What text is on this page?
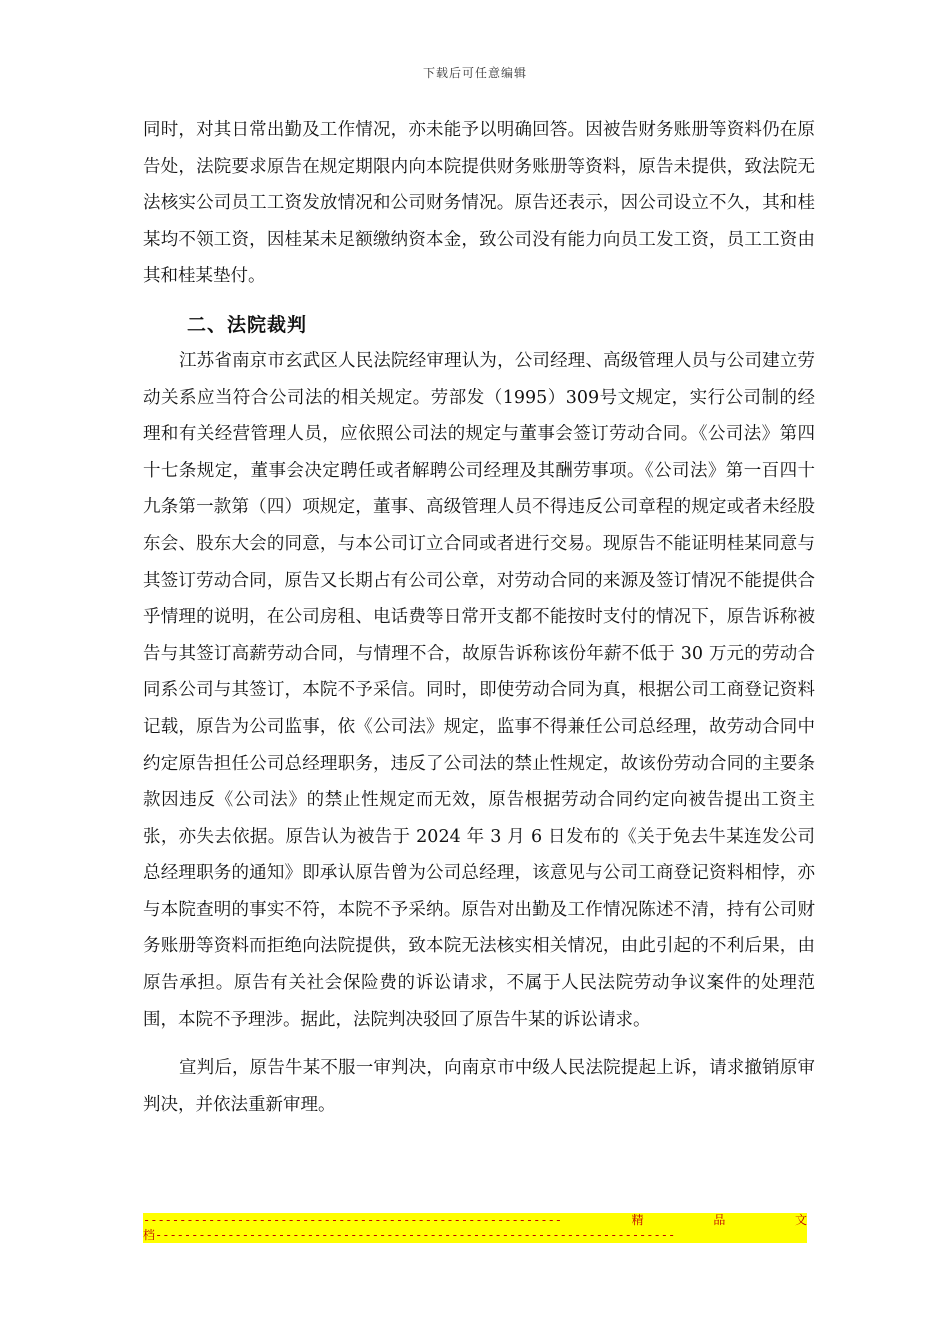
下载后可任意编辑

同时，对其日常出勤及工作情况，亦未能予以明确回答。因被告财务账册等资料仍在原告处，法院要求原告在规定期限内向本院提供财务账册等资料，原告未提供，致法院无法核实公司员工工资发放情况和公司财务情况。原告还表示，因公司设立不久，其和桂某均不领工资，因桂某未足额缴纳资本金，致公司没有能力向员工发工资，员工工资由其和桂某垫付。

二、法院裁判

江苏省南京市玄武区人民法院经审理认为，公司经理、高级管理人员与公司建立劳动关系应当符合公司法的相关规定。劳部发（1995）309号文规定，实行公司制的经理和有关经营管理人员，应依照公司法的规定与董事会签订劳动合同。《公司法》第四十七条规定，董事会决定聘任或者解聘公司经理及其酬劳事项。《公司法》第一百四十九条第一款第（四）项规定，董事、高级管理人员不得违反公司章程的规定或者未经股东会、股东大会的同意，与本公司订立合同或者进行交易。现原告不能证明桂某同意与其签订劳动合同，原告又长期占有公司公章，对劳动合同的来源及签订情况不能提供合乎情理的说明，在公司房租、电话费等日常开支都不能按时支付的情况下，原告诉称被告与其签订高薪劳动合同，与情理不合，故原告诉称该份年薪不低于 30 万元的劳动合同系公司与其签订，本院不予采信。同时，即使劳动合同为真，根据公司工商登记资料记载，原告为公司监事，依《公司法》规定，监事不得兼任公司总经理，故劳动合同中约定原告担任公司总经理职务，违反了公司法的禁止性规定，故该份劳动合同的主要条款因违反《公司法》的禁止性规定而无效，原告根据劳动合同约定向被告提出工资主张，亦失去依据。原告认为被告于 2024 年 3 月 6 日发布的《关于免去牛某连发公司总经理职务的通知》即承认原告曾为公司总经理，该意见与公司工商登记资料相悖，亦与本院查明的事实不符，本院不予采纳。原告对出勤及工作情况陈述不清，持有公司财务账册等资料而拒绝向法院提供，致本院无法核实相关情况，由此引起的不利后果，由原告承担。原告有关社会保险费的诉讼请求，不属于人民法院劳动争议案件的处理范围，本院不予理涉。据此，法院判决驳回了原告牛某的诉讼请求。

宣判后，原告牛某不服一审判决，向南京市中级人民法院提起上诉，请求撤销原审判决，并依法重新审理。

----------------------------------------------------------	精	品	文
档------------------------------------------------------------------------
